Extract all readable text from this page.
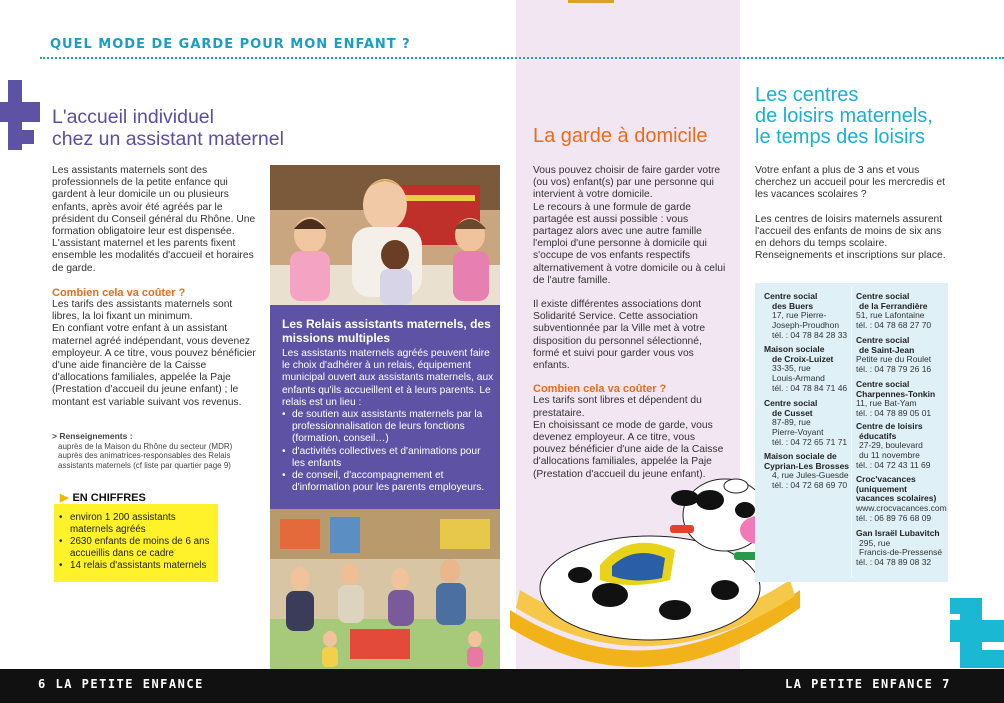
QUEL MODE DE GARDE POUR MON ENFANT ?
L'accueil individuel
chez un assistant maternel
Les assistants maternels sont des professionnels de la petite enfance qui gardent à leur domicile un ou plusieurs enfants, après avoir été agréés par le président du Conseil général du Rhône. Une formation obligatoire leur est dispensée.
L'assistant maternel et les parents fixent ensemble les modalités d'accueil et horaires de garde.
Combien cela va coûter ?
Les tarifs des assistants maternels sont libres, la loi fixant un minimum.
En confiant votre enfant à un assistant maternel agréé indépendant, vous devenez employeur. A ce titre, vous pouvez bénéficier d'une aide financière de la Caisse d'allocations familiales, appelée la Paje (Prestation d'accueil du jeune enfant) ; le montant est variable suivant vos revenus.
> Renseignements :
auprès de la Maison du Rhône du secteur (MDR)
auprès des animatrices-responsables des Relais assistants maternels (cf liste par quartier page 9)
▶ EN CHIFFRES
• environ 1 200 assistants maternels agréés
• 2630 enfants de moins de 6 ans accueillis dans ce cadre
• 14 relais d'assistants maternels
Les Relais assistants maternels, des missions multiples
Les assistants maternels agréés peuvent faire le choix d'adhérer à un relais, équipement municipal ouvert aux assistants maternels, aux enfants qu'ils accueillent et à leurs parents. Le relais est un lieu :
• de soutien aux assistants maternels par la professionnalisation de leurs fonctions (formation, conseil…)
• d'activités collectives et d'animations pour les enfants
• de conseil, d'accompagnement et d'information pour les parents employeurs.
La garde à domicile
Vous pouvez choisir de faire garder votre (ou vos) enfant(s) par une personne qui intervient à votre domicile.
Le recours à une formule de garde partagée est aussi possible : vous partagez alors avec une autre famille l'emploi d'une personne à domicile qui s'occupe de vos enfants respectifs alternativement à votre domicile ou à celui de l'autre famille.
Il existe différentes associations dont Solidarité Service. Cette association subventionnée par la Ville met à votre disposition du personnel sélectionné, formé et suivi pour garder vous vos enfants.
Combien cela va coûter ?
Les tarifs sont libres et dépendent du prestataire.
En choisissant ce mode de garde, vous devenez employeur. A ce titre, vous pouvez bénéficier d'une aide de la Caisse d'allocations familiales, appelée la Paje (Prestation d'accueil du jeune enfant).
Les centres
de loisirs maternels,
le temps des loisirs
Votre enfant a plus de 3 ans et vous cherchez un accueil pour les mercredis et les vacances scolaires ?
Les centres de loisirs maternels assurent l'accueil des enfants de moins de six ans en dehors du temps scolaire.
Renseignements et inscriptions sur place.
Centre social
des Buers
17, rue Pierre-
Joseph-Proudhon
tél. : 04 78 84 28 33
Maison sociale
de Croix-Luizet
33-35, rue
Louis-Armand
tél. : 04 78 84 71 46
Centre social
de Cusset
87-89, rue
Pierre-Voyant
tél. : 04 72 65 71 71
Maison sociale de
Cyprian-Les Brosses
4, rue Jules-Guesde
tél. : 04 72 68 69 70
Centre social
de la Ferrandière
51, rue Lafontaine
tél. : 04 78 68 27 70
Centre social
de Saint-Jean
Petite rue du Roulet
tél. : 04 78 79 26 16
Centre social
Charpennes-Tonkin
11, rue Bat-Yam
tél. : 04 78 89 05 01
Centre de loisirs
éducatifs
27-29, boulevard
du 11 novembre
tél. : 04 72 43 11 69
Croc'vacances
(uniquement vacances scolaires)
www.crocvacances.com
tél. : 06 89 76 68 09
Gan Israël Lubavitch
295, rue
Francis-de-Pressensé
tél. : 04 78 89 08 32
6 LA PETITE ENFANCE	LA PETITE ENFANCE 7
